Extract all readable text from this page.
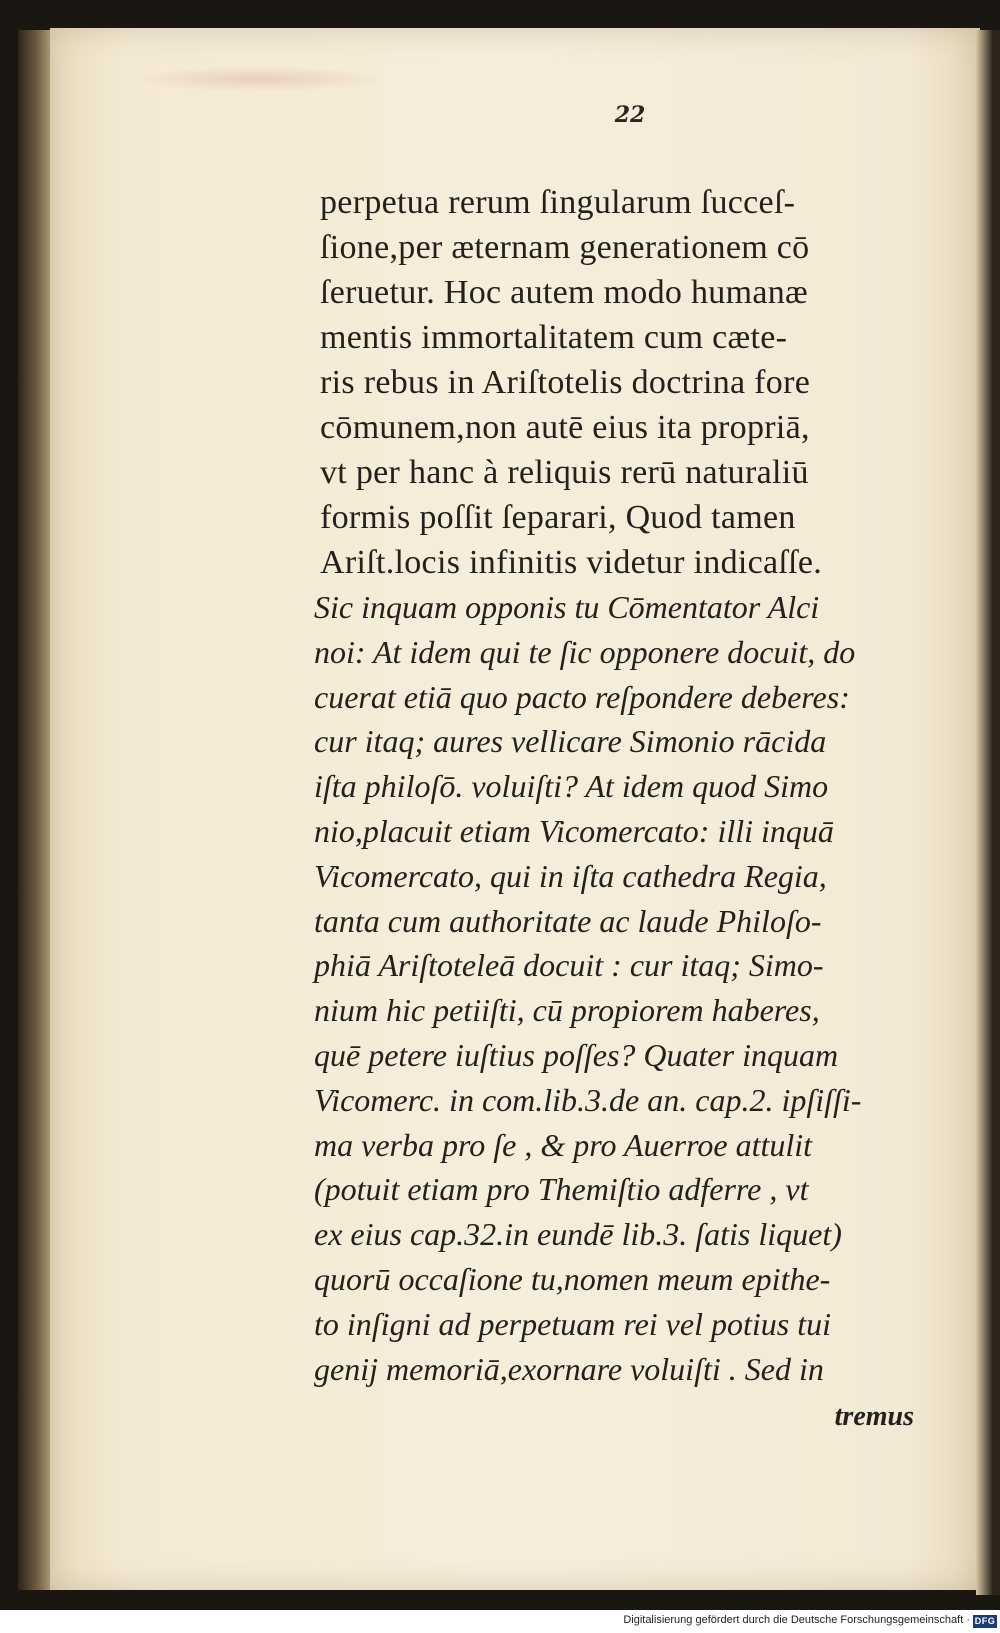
22
perpetua rerum ſingularum ſucceſ-
ſione,per æternam generationem cō
ſeruetur. Hoc autem modo humanæ
mentis immortalitatem cum cæte-
ris rebus in Ariſtotelis doctrina fore
cōmunem,non autē eius ita propriā,
vt per hanc à reliquis rerū naturaliū
formis poſſit ſeparari, Quod tamen
Ariſt.locis infinitis videtur indicaſſe.
Sic inquam opponis tu Cōmentator Alci
noi: At idem qui te ſic opponere docuit, do
cuerat etiā quo pacto reſpondere deberes:
cur itaq; aures vellicare Simonio rācida
iſta philoſō. voluiſti? At idem quod Simo
nio,placuit etiam Vicomercato: illi inquā
Vicomercato, qui in iſta cathedra Regia,
tanta cum authoritate ac laude Philoſo-
phiā Ariſtoteleā docuit : cur itaq; Simo-
nium hic petiiſti, cū propiorem haberes,
quē petere iuſtius poſſes? Quater inquam
Vicomerc. in com.lib.3.de an. cap.2. ipſiſſi-
ma verba pro ſe , & pro Auerroe attulit
(potuit etiam pro Themiſtio adferre , vt
ex eius cap.32.in eundē lib.3. ſatis liquet)
quorū occaſione tu,nomen meum epithe-
to inſigni ad perpetuam rei vel potius tui
genij memoriā,exornare voluiſti . Sed in
tremus
Digitalisierung gefördert durch die Deutsche Forschungsgemeinschaft · DFG
